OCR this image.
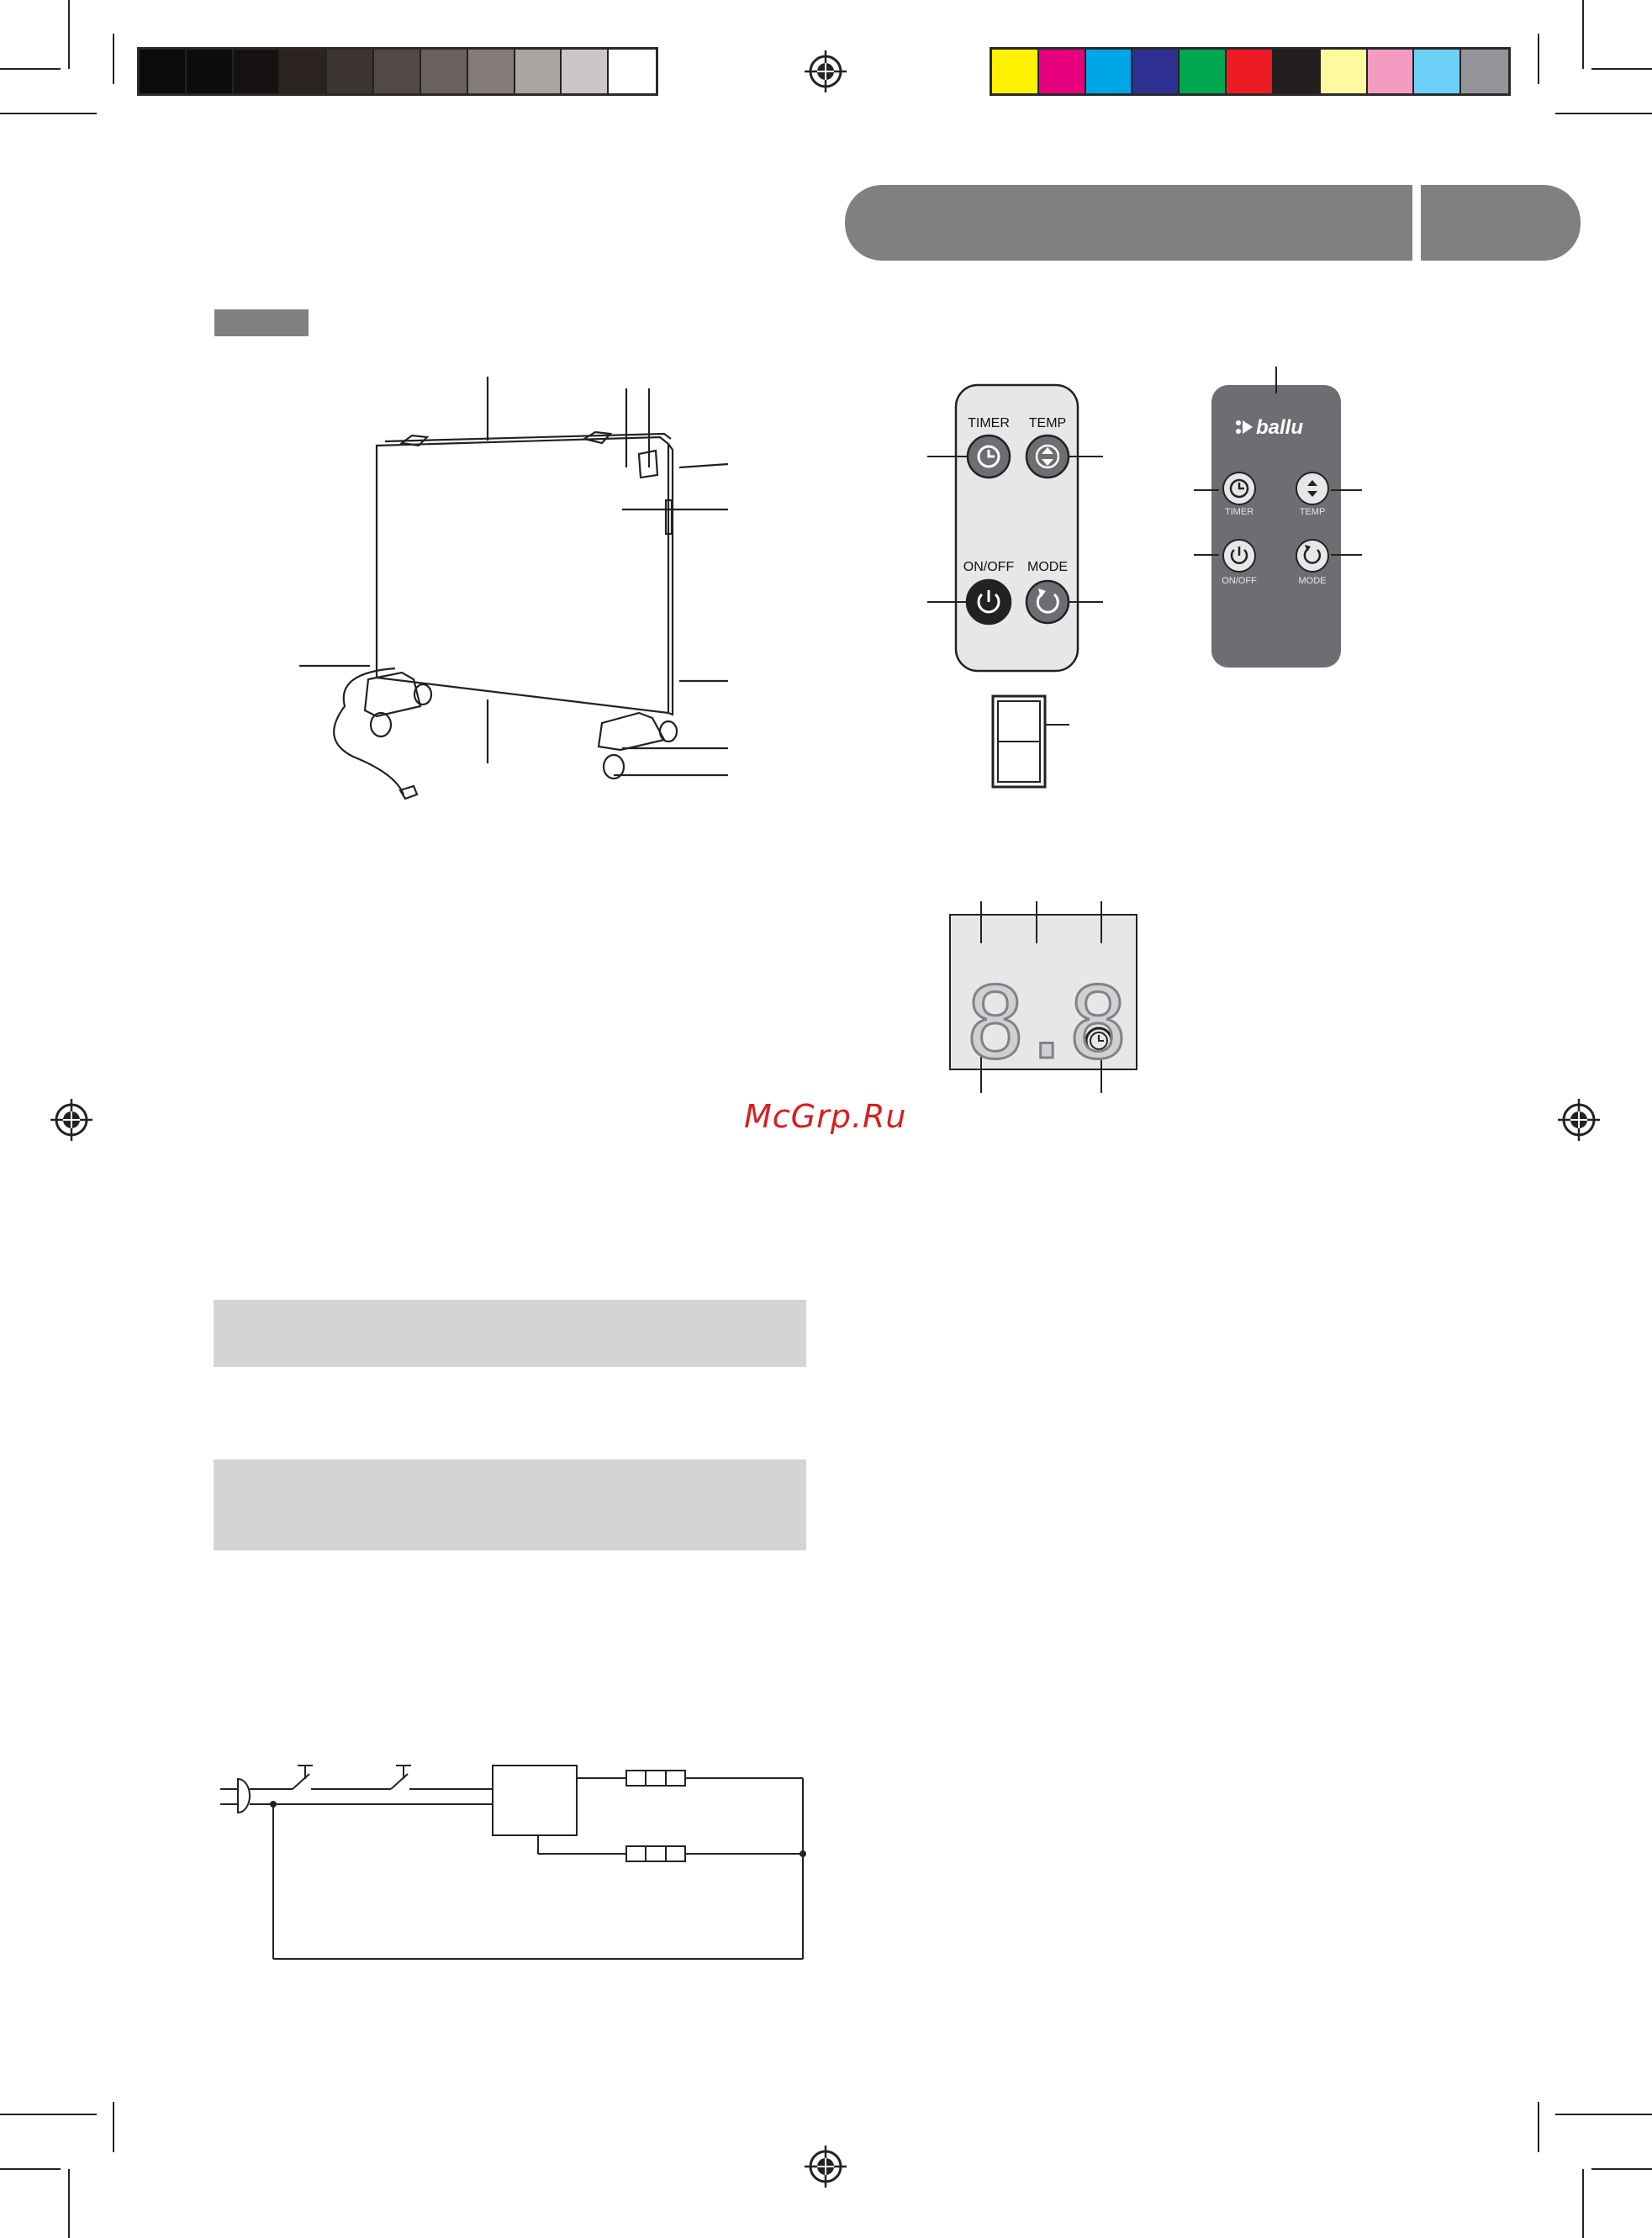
McGrp.Ru
TIMER TEMP
ON/OFF MODE
ballu
TIMER	TEMP
ON/OFF	MODE
8.8
